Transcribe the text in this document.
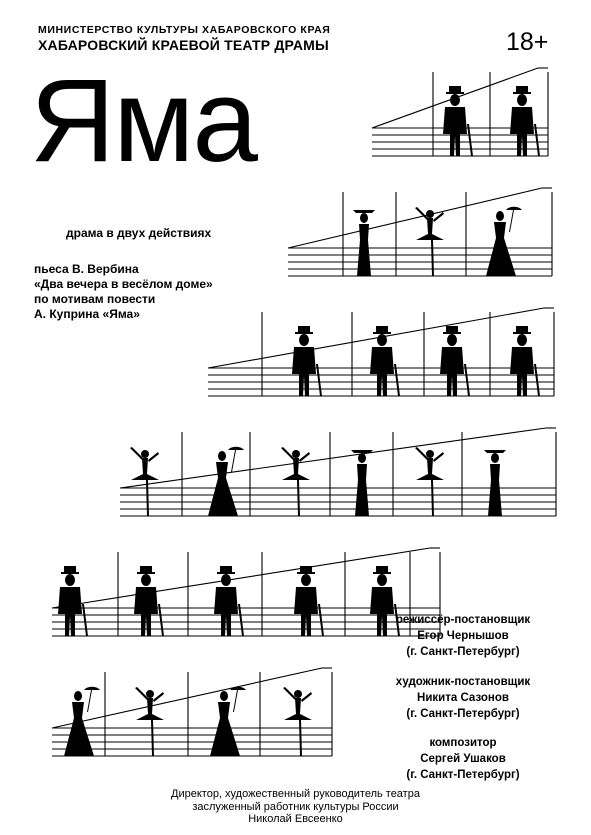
МИНИСТЕРСТВО КУЛЬТУРЫ ХАБАРОВСКОГО КРАЯ
ХАБАРОВСКИЙ КРАЕВОЙ ТЕАТР ДРАМЫ	18+
Яма
драма в двух действиях
пьеса В. Вербина
«Два вечера в весёлом доме»
по мотивам повести
А. Куприна «Яма»
режиссёр-постановщик
Егор Чернышов
(г. Санкт-Петербург)
художник-постановщик
Никита Сазонов
(г. Санкт-Петербург)
композитор
Сергей Ушаков
(г. Санкт-Петербург)
Директор, художественный руководитель театра
заслуженный работник культуры России
Николай Евсеенко
